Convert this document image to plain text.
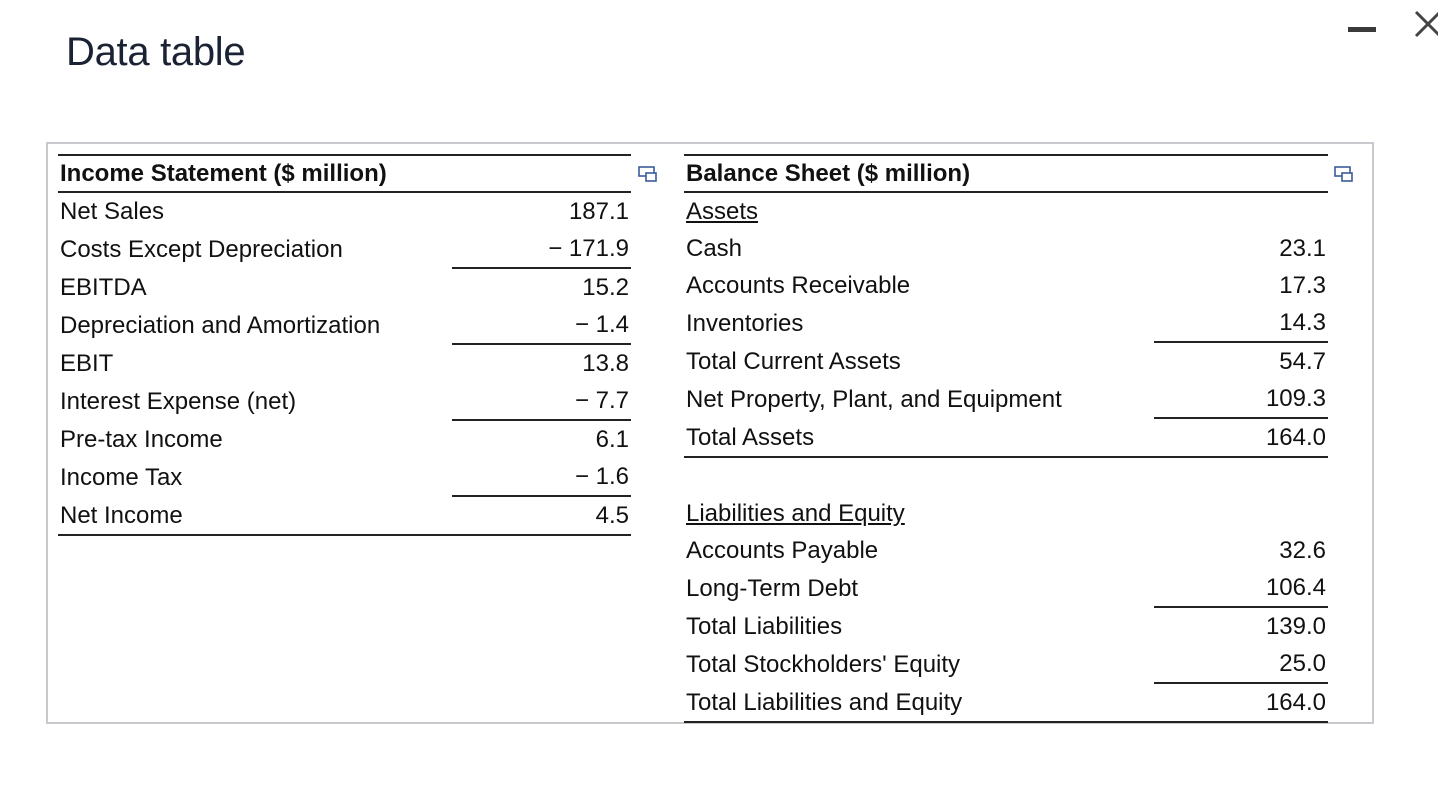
Data table
Income Statement ($ million)	
Net Sales	187.1
Costs Except Depreciation	− 171.9
EBITDA	15.2
Depreciation and Amortization	− 1.4
EBIT	13.8
Interest Expense (net)	− 7.7
Pre-tax Income	6.1
Income Tax	− 1.6
Net Income	4.5
Balance Sheet ($ million)	
Assets	
Cash	23.1
Accounts Receivable	17.3
Inventories	14.3
Total Current Assets	54.7
Net Property, Plant, and Equipment	109.3
Total Assets	164.0

Liabilities and Equity	
Accounts Payable	32.6
Long-Term Debt	106.4
Total Liabilities	139.0
Total Stockholders' Equity	25.0
Total Liabilities and Equity	164.0
